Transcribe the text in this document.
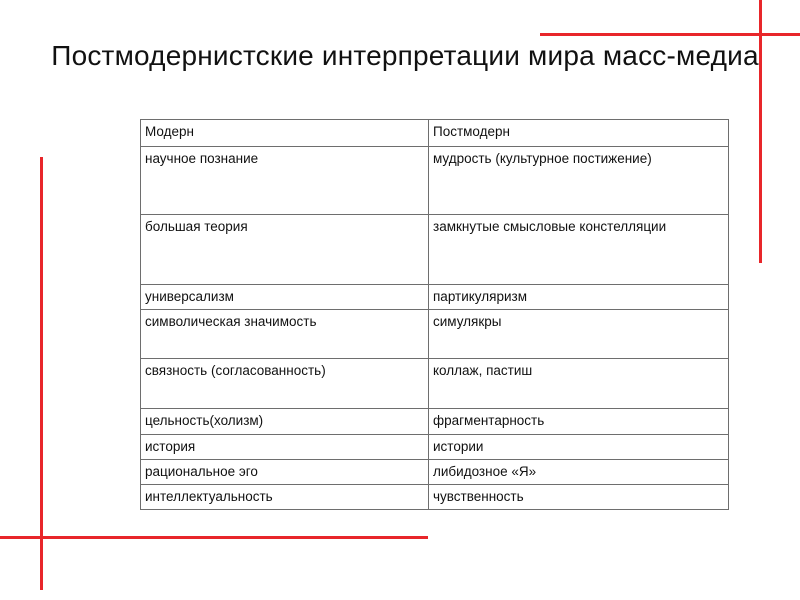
Постмодернистские интерпретации мира масс-медиа
Модерн	Постмодерн
научное познание	мудрость (культурное постижение)
большая теория	замкнутые смысловые констелляции
универсализм	партикуляризм
символическая значимость	симулякры
связность (согласованность)	коллаж, пастиш
цельность(холизм)	фрагментарность
история	истории
рациональное эго	либидозное «Я»
интеллектуальность	чувственность
